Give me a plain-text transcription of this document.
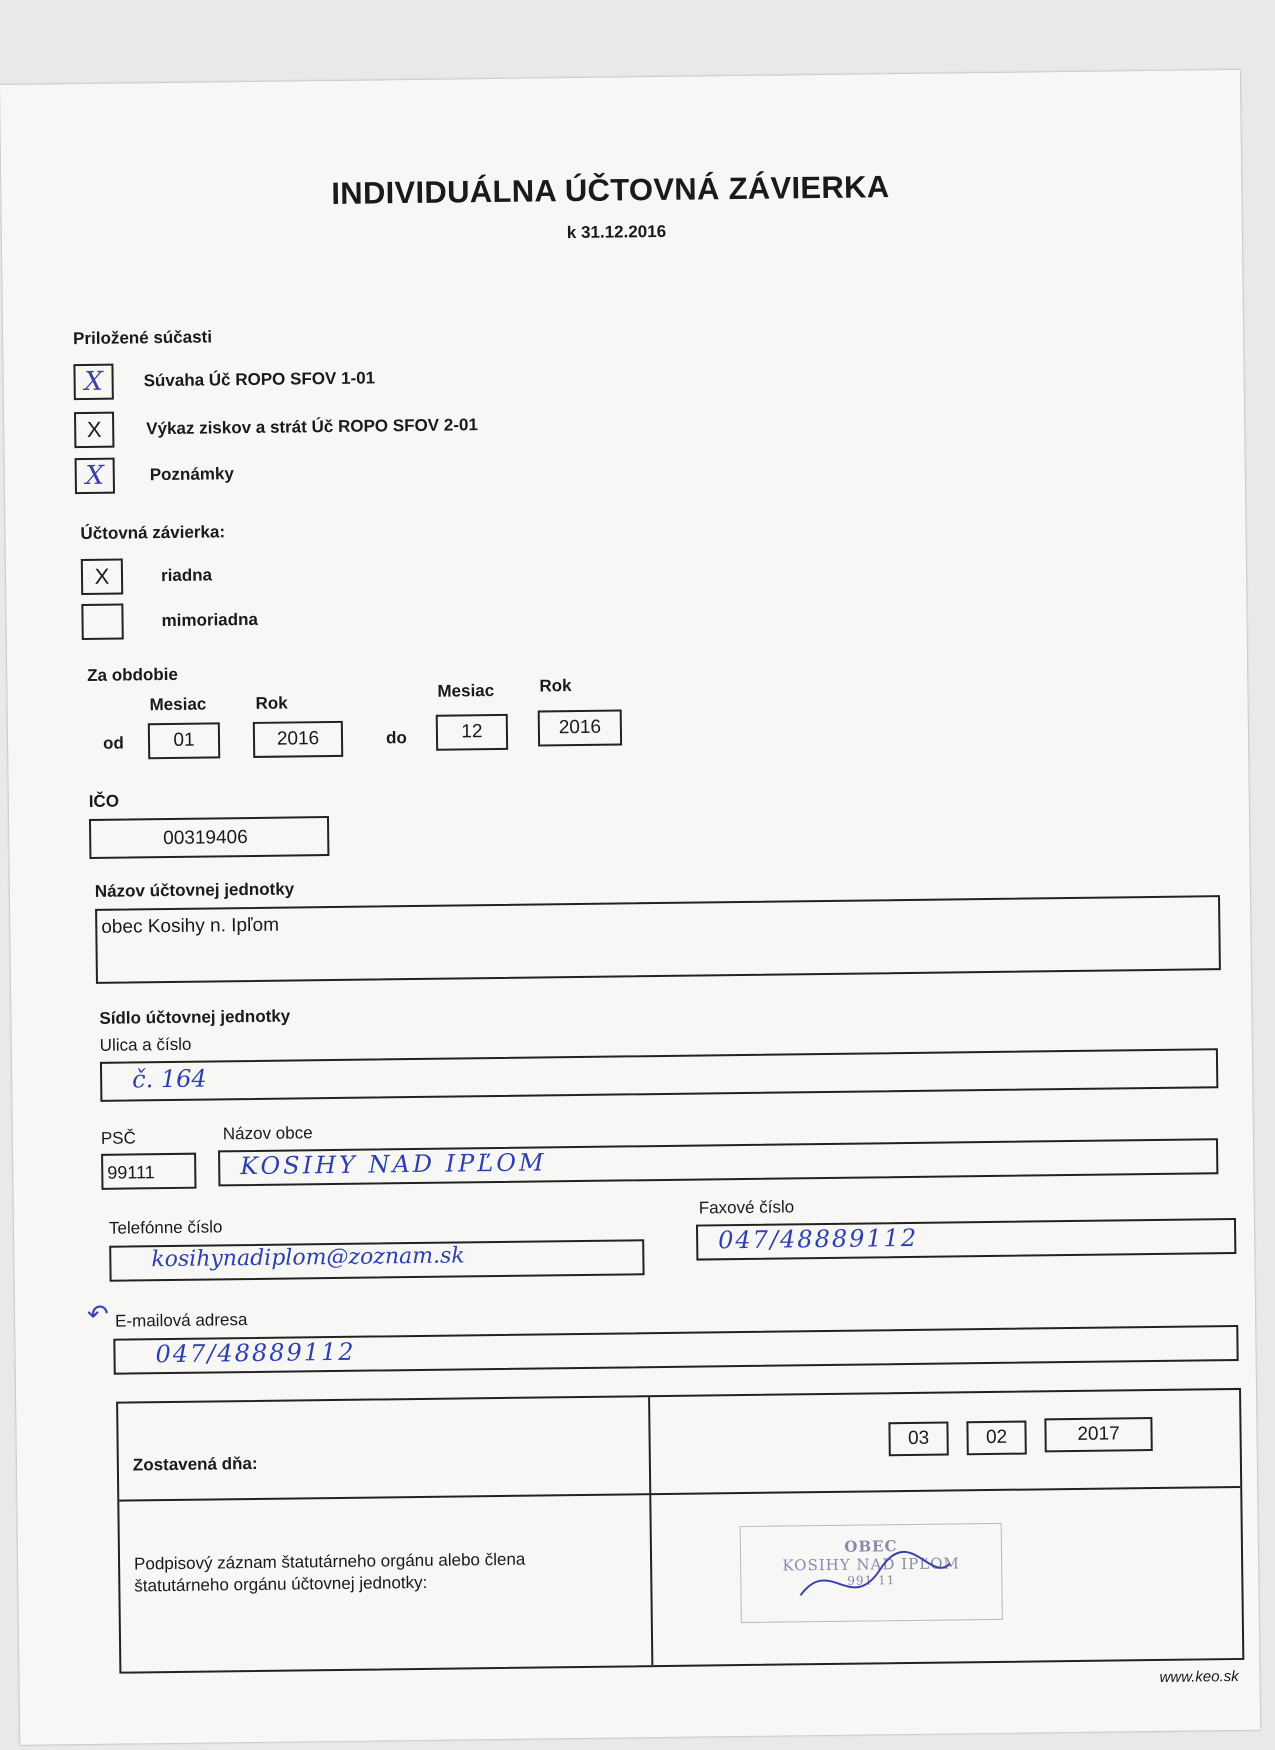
INDIVIDUÁLNA ÚČTOVNÁ ZÁVIERKA
k 31.12.2016
Priložené súčasti
X	Súvaha Úč ROPO SFOV 1-01
X	Výkaz ziskov a strát Úč ROPO SFOV 2-01
X	Poznámky
Účtovná závierka:
X	riadna
mimoriadna
Za obdobie
Mesiac	Rok
Mesiac	Rok
od	01	2016	do	12	2016
IČO
00319406
Názov účtovnej jednotky
obec Kosihy n. Ipľom
Sídlo účtovnej jednotky
Ulica a číslo
č. 164
PSČ	Názov obce
99111	KOSIHY NAD IPĽOM
Telefónne číslo
kosihynadiplom@zoznam.sk
Faxové číslo
047/48889112
↶ E-mailová adresa
047/48889112
Zostavená dňa:
03	02	2017
Podpisový záznam štatutárneho orgánu alebo člena štatutárneho orgánu účtovnej jednotky:
OBEC
KOSIHY NAD IPĽOM
991 11
www.keo.sk
